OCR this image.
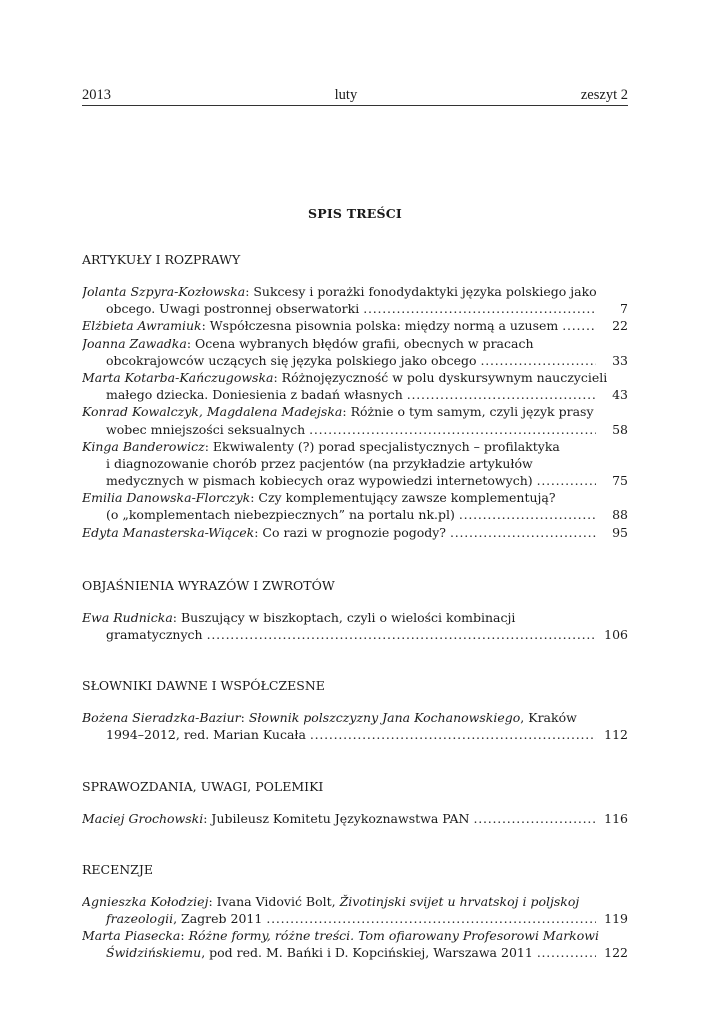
2013	luty	zeszyt 2
SPIS TREŚCI
ARTYKUŁY I ROZPRAWY
Jolanta Szpyra-Kozłowska: Sukcesy i porażki fonodydaktyki języka polskiego jako
obcego. Uwagi postronnej obserwatorki . . .	7
Elżbieta Awramiuk: Współczesna pisownia polska: między normą a uzusem . . .	22
Joanna Zawadka: Ocena wybranych błędów grafii, obecnych w pracach
obcokrajowców uczących się języka polskiego jako obcego . . .	33
Marta Kotarba-Kańczugowska: Różnojęzyczność w polu dyskursywnym nauczycieli
małego dziecka. Doniesienia z badań własnych . . .	43
Konrad Kowalczyk, Magdalena Madejska: Różnie o tym samym, czyli język prasy
wobec mniejszości seksualnych . . .	58
Kinga Banderowicz: Ekwiwalenty (?) porad specjalistycznych – profilaktyka
i diagnozowanie chorób przez pacjentów (na przykładzie artykułów
medycznych w pismach kobiecych oraz wypowiedzi internetowych) . . .	75
Emilia Danowska-Florczyk: Czy komplementujący zawsze komplementują?
(o „komplementach niebezpiecznych” na portalu nk.pl) . . .	88
Edyta Manasterska-Wiącek: Co razi w prognozie pogody? . . .	95
OBJAŚNIENIA WYRAZÓW I ZWROTÓW
Ewa Rudnicka: Buszujący w biszkoptach, czyli o wielości kombinacji
gramatycznych . . .	106
SŁOWNIKI DAWNE I WSPÓŁCZESNE
Bożena Sieradzka-Baziur: Słownik polszczyzny Jana Kochanowskiego, Kraków
1994–2012, red. Marian Kucała . . .	112
SPRAWOZDANIA, UWAGI, POLEMIKI
Maciej Grochowski: Jubileusz Komitetu Językoznawstwa PAN . . .	116
RECENZJE
Agnieszka Kołodziej: Ivana Vidović Bolt, Životinjski svijet u hrvatskoj i poljskoj
frazeologii, Zagreb 2011 . . .	119
Marta Piasecka: Różne formy, różne treści. Tom ofiarowany Profesorowi Markowi
Świdzińskiemu, pod red. M. Bańki i D. Kopcińskiej, Warszawa 2011 . . .	122
